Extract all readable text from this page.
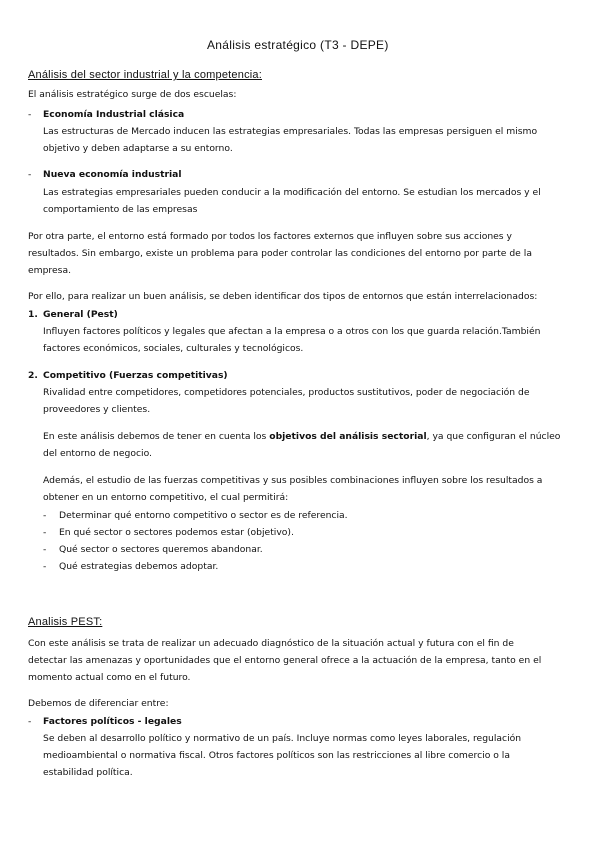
Análisis estratégico (T3 - DEPE)
Análisis del sector industrial y la competencia:
El análisis estratégico surge de dos escuelas:
- Economía Industrial clásica
Las estructuras de Mercado inducen las estrategias empresariales. Todas las empresas persiguen el mismo
objetivo y deben adaptarse a su entorno.
- Nueva economía industrial
Las estrategias empresariales pueden conducir a la modificación del entorno. Se estudian los mercados y el
comportamiento de las empresas
Por otra parte, el entorno está formado por todos los factores externos que influyen sobre sus acciones y
resultados. Sin embargo, existe un problema para poder controlar las condiciones del entorno por parte de la
empresa.
Por ello, para realizar un buen análisis, se deben identificar dos tipos de entornos que están interrelacionados:
1. General (Pest)
Influyen factores políticos y legales que afectan a la empresa o a otros con los que guarda relación.También
factores económicos, sociales, culturales y tecnológicos.
2. Competitivo (Fuerzas competitivas)
Rivalidad entre competidores, competidores potenciales, productos sustitutivos, poder de negociación de
proveedores y clientes.
En este análisis debemos de tener en cuenta los objetivos del análisis sectorial, ya que configuran el núcleo
del entorno de negocio.
Además, el estudio de las fuerzas competitivas y sus posibles combinaciones influyen sobre los resultados a
obtener en un entorno competitivo, el cual permitirá:
- Determinar qué entorno competitivo o sector es de referencia.
- En qué sector o sectores podemos estar (objetivo).
- Qué sector o sectores queremos abandonar.
- Qué estrategias debemos adoptar.
Analisis PEST:
Con este análisis se trata de realizar un adecuado diagnóstico de la situación actual y futura con el fin de
detectar las amenazas y oportunidades que el entorno general ofrece a la actuación de la empresa, tanto en el
momento actual como en el futuro.
Debemos de diferenciar entre:
- Factores políticos - legales
Se deben al desarrollo político y normativo de un país. Incluye normas como leyes laborales, regulación
medioambiental o normativa fiscal. Otros factores políticos son las restricciones al libre comercio o la
estabilidad política.
